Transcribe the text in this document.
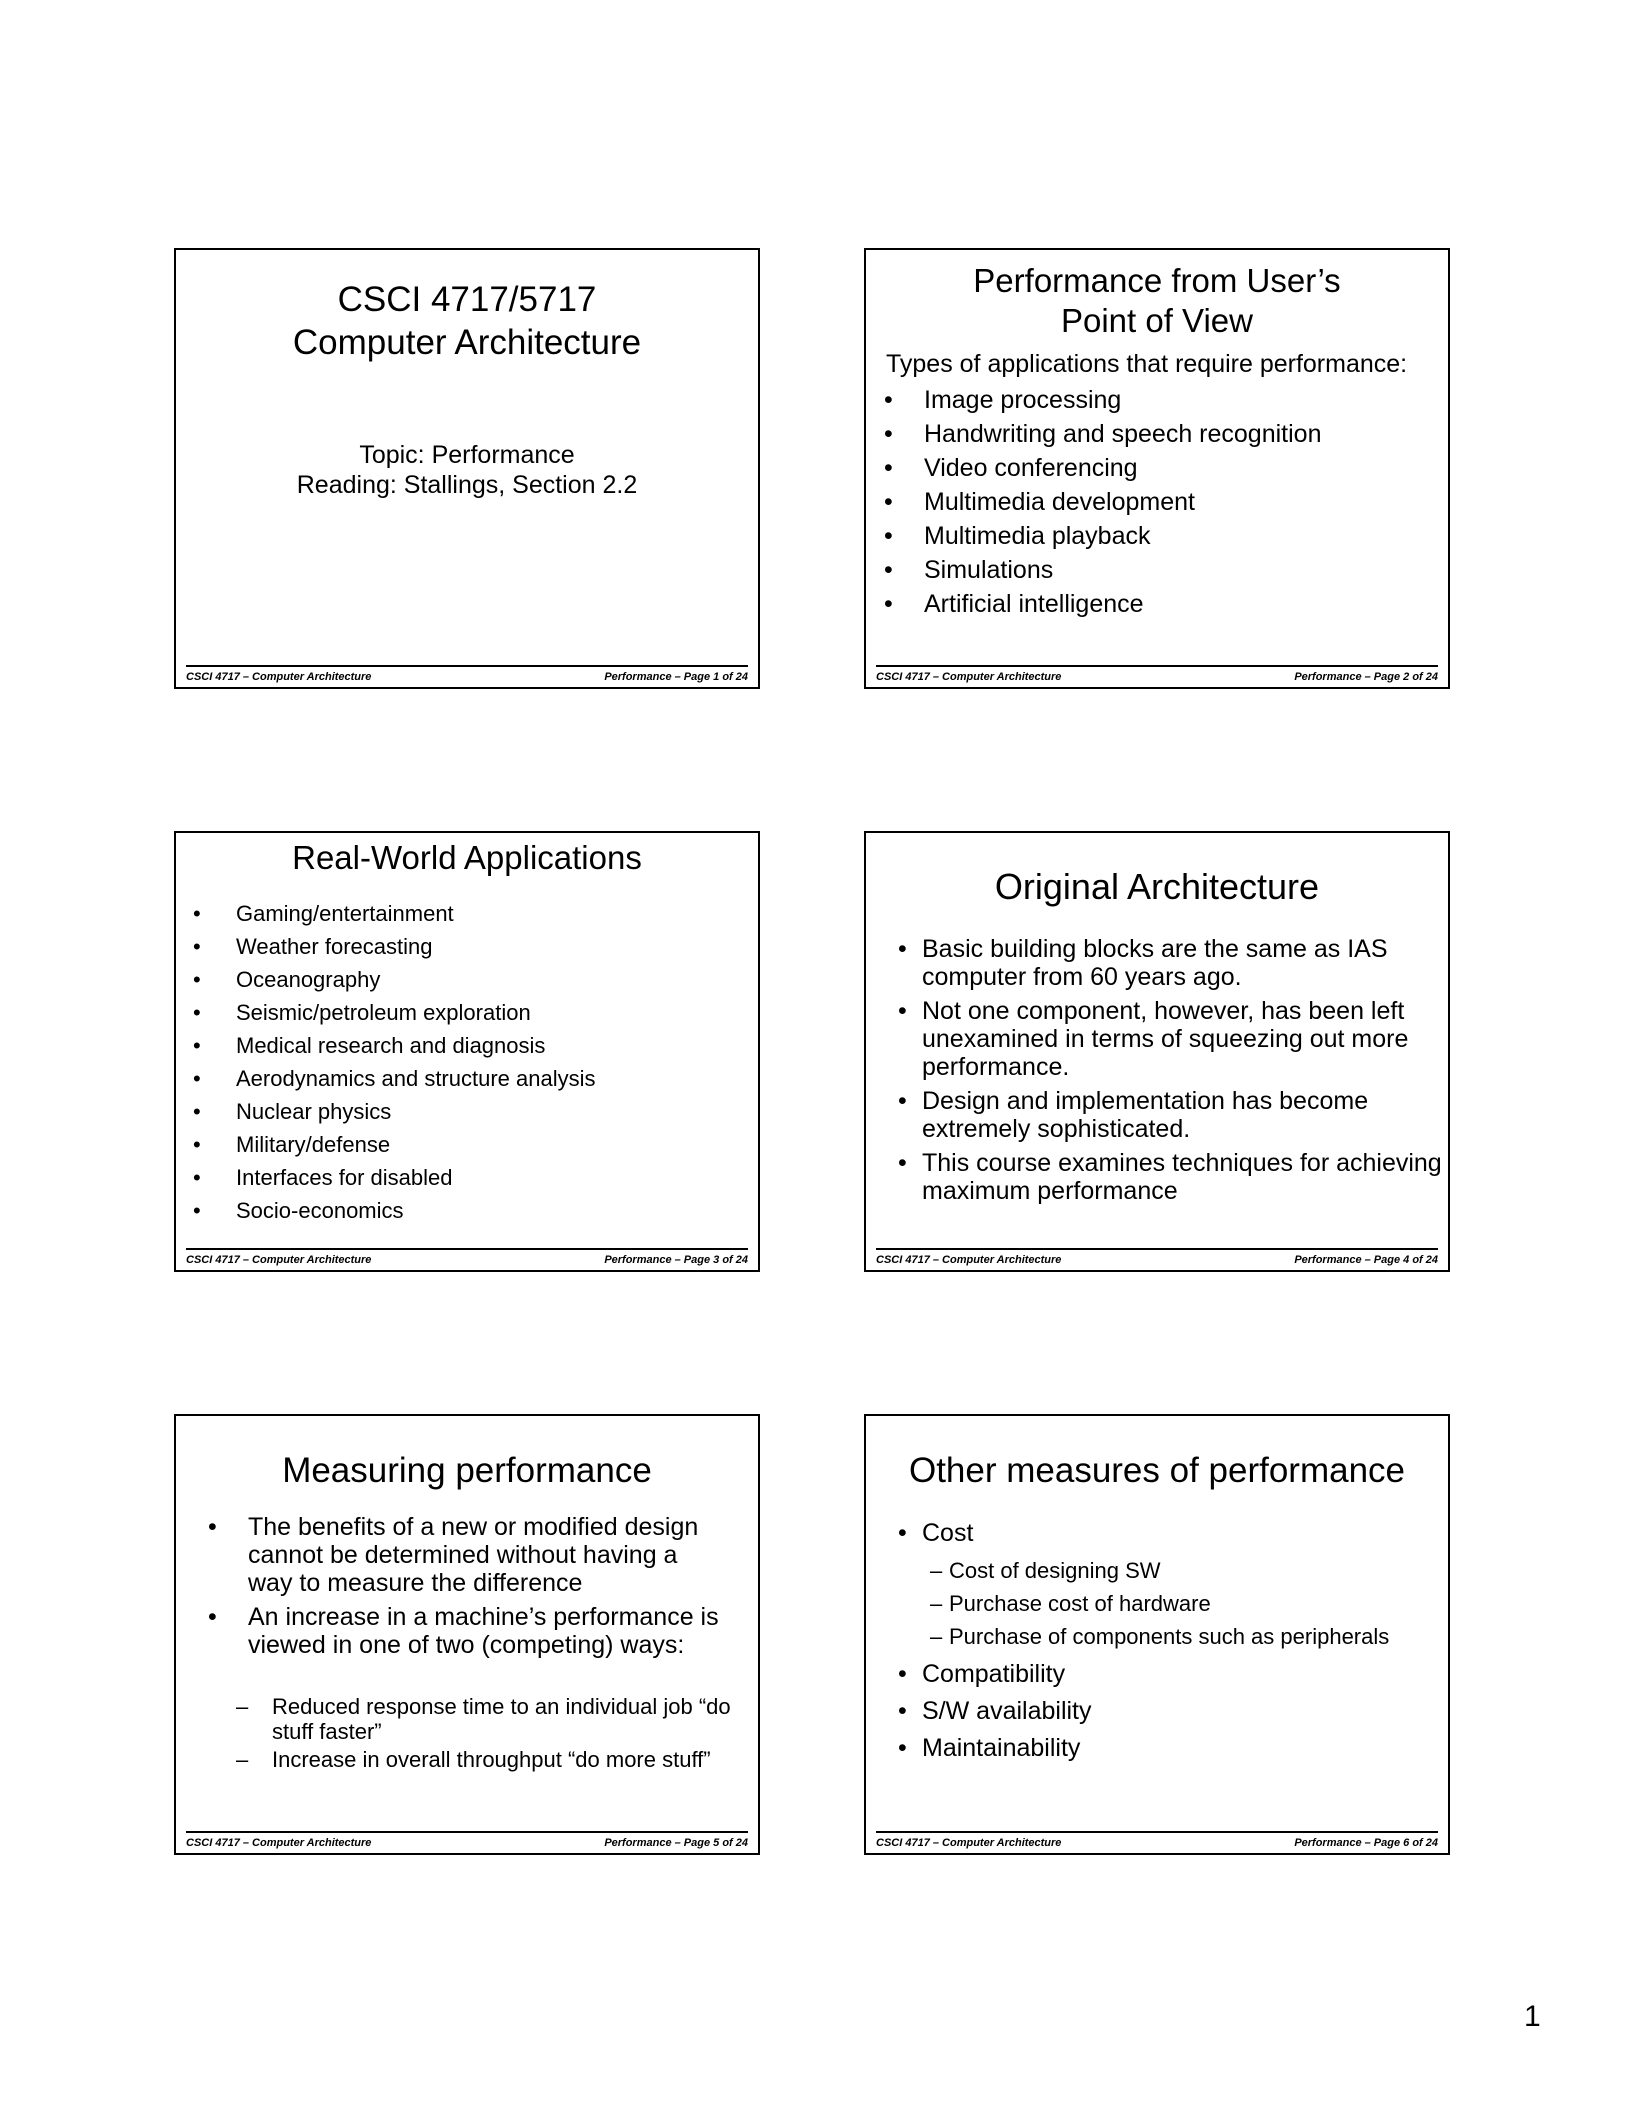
CSCI 4717/5717
Computer Architecture
Topic: Performance
Reading: Stallings, Section 2.2
CSCI 4717 – Computer Architecture	Performance – Page 1 of 24
Performance from User’s
Point of View
Types of applications that require performance:
• Image processing
• Handwriting and speech recognition
• Video conferencing
• Multimedia development
• Multimedia playback
• Simulations
• Artificial intelligence
CSCI 4717 – Computer Architecture	Performance – Page 2 of 24
Real-World Applications
• Gaming/entertainment
• Weather forecasting
• Oceanography
• Seismic/petroleum exploration
• Medical research and diagnosis
• Aerodynamics and structure analysis
• Nuclear physics
• Military/defense
• Interfaces for disabled
• Socio-economics
CSCI 4717 – Computer Architecture	Performance – Page 3 of 24
Original Architecture
• Basic building blocks are the same as IAS computer from 60 years ago.
• Not one component, however, has been left unexamined in terms of squeezing out more performance.
• Design and implementation has become extremely sophisticated.
• This course examines techniques for achieving maximum performance
CSCI 4717 – Computer Architecture	Performance – Page 4 of 24
Measuring performance
• The benefits of a new or modified design cannot be determined without having a way to measure the difference
• An increase in a machine’s performance is viewed in one of two (competing) ways:
– Reduced response time to an individual job “do stuff faster”
– Increase in overall throughput “do more stuff”
CSCI 4717 – Computer Architecture	Performance – Page 5 of 24
Other measures of performance
• Cost
– Cost of designing SW
– Purchase cost of hardware
– Purchase of components such as peripherals
• Compatibility
• S/W availability
• Maintainability
CSCI 4717 – Computer Architecture	Performance – Page 6 of 24
1
